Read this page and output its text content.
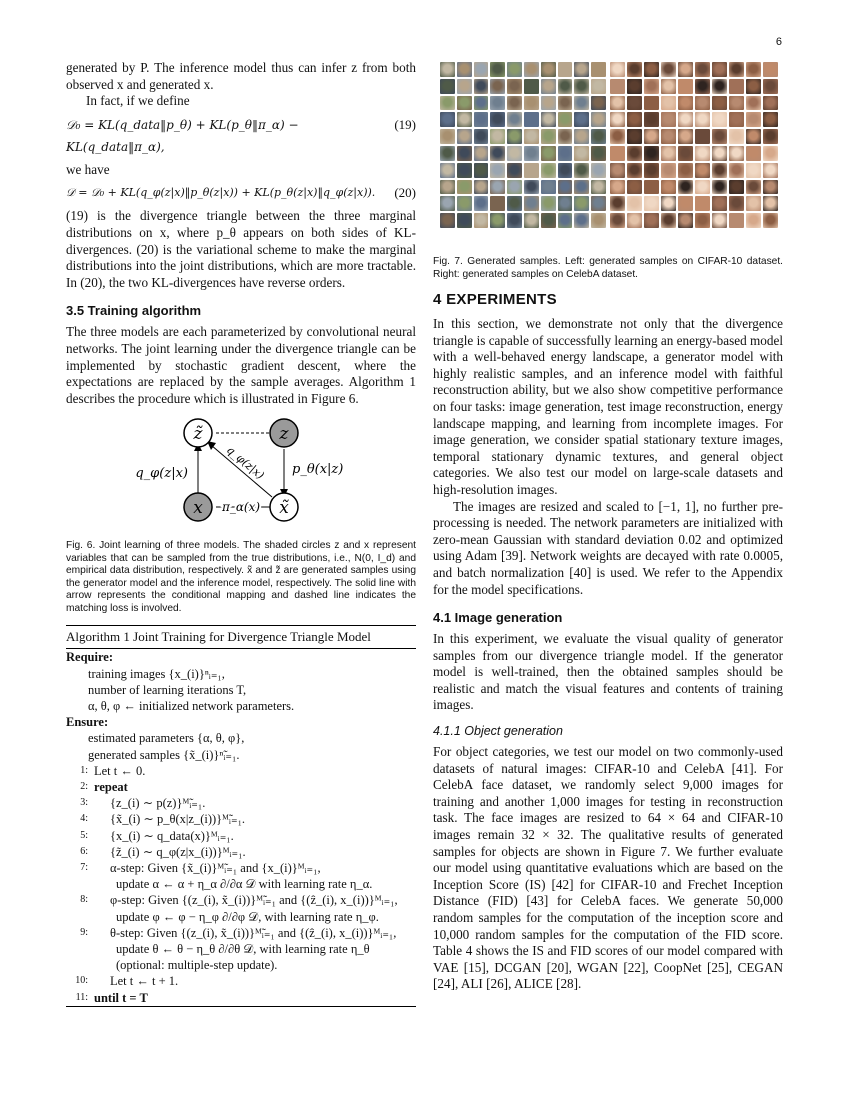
6

generated by P. The inference model thus can infer z from both observed x and generated x.

In fact, if we define

𝒟₀ = KL(q_data‖p_θ) + KL(p_θ‖π_α) − KL(q_data‖π_α),
(19)

we have

𝒟 = 𝒟₀ + KL(q_φ(z|x)‖p_θ(z|x)) + KL(p_θ(z|x)‖q_φ(z|x)). (20)

(19) is the divergence triangle between the three marginal distributions on x, where p_θ appears on both sides of KL-divergences. (20) is the variational scheme to make the marginal distributions into the joint distributions, which are more tractable. In (20), the two KL-divergences have reverse orders.

3.5 Training algorithm

The three models are each parameterized by convolutional neural networks. The joint learning under the divergence triangle can be implemented by stochastic gradient descent, where the expectations are replaced by the sample averages. Algorithm 1 describes the procedure which is illustrated in Figure 6.

z̃	z
x	x̃
q_φ(z|x)	p_θ(x|z)
π_α(x)
q_φ(z|x)

Fig. 6. Joint learning of three models. The shaded circles z and x represent variables that can be sampled from the true distributions, i.e., N(0, I_d) and empirical data distribution, respectively. x̃ and z̃ are generated samples using the generator model and the inference model, respectively. The solid line with arrow represents the conditional mapping and dashed line indicates the matching loss is involved.

Algorithm 1 Joint Training for Divergence Triangle Model
Require:
training images {x_(i)}ⁿᵢ₌₁,
number of learning iterations T,
α, θ, φ ← initialized network parameters.
Ensure:
estimated parameters {α, θ, φ},
generated samples {x̃_(i)}ⁿ̃ᵢ₌₁.
1: Let t ← 0.
2: repeat
3:	{z_(i) ∼ p(z)}ᴹ̃ᵢ₌₁.
4:	{x̃_(i) ∼ p_θ(x|z_(i))}ᴹ̃ᵢ₌₁.
5:	{x_(i) ∼ q_data(x)}ᴹᵢ₌₁.
6:	{z̃_(i) ∼ q_φ(z|x_(i))}ᴹᵢ₌₁.
7:	α-step: Given {x̃_(i)}ᴹ̃ᵢ₌₁ and {x_(i)}ᴹᵢ₌₁,
update α ← α + η_α ∂/∂α 𝒟 with learning rate η_α.
8:	φ-step: Given {(z_(i), x̃_(i))}ᴹ̃ᵢ₌₁ and {(ẑ_(i), x_(i))}ᴹᵢ₌₁,
update φ ← φ − η_φ ∂/∂φ 𝒟, with learning rate η_φ.
9:	θ-step: Given {(z_(i), x̃_(i))}ᴹ̃ᵢ₌₁ and {(ẑ_(i), x_(i))}ᴹᵢ₌₁,
update θ ← θ − η_θ ∂/∂θ 𝒟, with learning rate η_θ
(optional: multiple-step update).
10:	Let t ← t + 1.
11: until t = T

Fig. 7. Generated samples. Left: generated samples on CIFAR-10 dataset. Right: generated samples on CelebA dataset.

4 EXPERIMENTS

In this section, we demonstrate not only that the divergence triangle is capable of successfully learning an energy-based model with a well-behaved energy landscape, a generator model with highly realistic samples, and an inference model with faithful reconstruction ability, but we also show competitive performance on four tasks: image generation, test image reconstruction, energy landscape mapping, and learning from incomplete images. For image generation, we consider spatial stationary texture images, temporal stationary dynamic textures, and general object categories. We also test our model on large-scale datasets and high-resolution images.

The images are resized and scaled to [−1, 1], no further pre-processing is needed. The network parameters are initialized with zero-mean Gaussian with standard deviation 0.02 and optimized using Adam [39]. Network weights are decayed with rate 0.0005, and batch normalization [40] is used. We refer to the Appendix for the model specifications.

4.1 Image generation

In this experiment, we evaluate the visual quality of generator samples from our divergence triangle model. If the generator model is well-trained, then the obtained samples should be realistic and match the visual features and contents of training images.

4.1.1 Object generation

For object categories, we test our model on two commonly-used datasets of natural images: CIFAR-10 and CelebA [41]. For CelebA face dataset, we randomly select 9,000 images for training and another 1,000 images for testing in reconstruction task. The face images are resized to 64 × 64 and CIFAR-10 images remain 32 × 32. The qualitative results of generated samples for objects are shown in Figure 7. We further evaluate our model using quantitative evaluations which are based on the Inception Score (IS) [42] for CIFAR-10 and Frechet Inception Distance (FID) [43] for CelebA faces. We generate 50,000 random samples for the computation of the inception score and 10,000 random samples for the computation of the FID score. Table 4 shows the IS and FID scores of our model compared with VAE [15], DCGAN [20], WGAN [22], CoopNet [25], CEGAN [24], ALI [26], ALICE [28].
